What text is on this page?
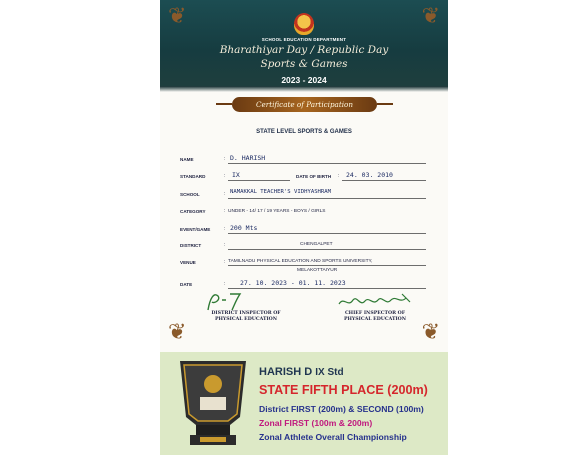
❦	❦
❦	❦
SCHOOL EDUCATION DEPARTMENT
Bharathiyar Day / Republic Day
Sports & Games
2023 - 2024
Certificate of Participation
STATE LEVEL SPORTS & GAMES
NAME	: D. HARISH
STANDARD	: IX	DATE OF BIRTH : 24. 03. 2010
SCHOOL	: NAMAKKAL TEACHER'S VIDHYASHRAM
CATEGORY	: UNDER - 14/ 17 / 19 YEARS - BOYS / GIRLS
EVENT/GAME	: 200 Mts
DISTRICT	:	CHENGALPET
VENUE	: TAMILNADU PHYSICAL EDUCATION AND SPORTS UNIVERSITY,
MELAKOTTAIYUR
DATE	: 27. 10. 2023 - 01. 11. 2023
DISTRICT INSPECTOR OF
PHYSICAL EDUCATION
CHIEF INSPECTOR OF
PHYSICAL EDUCATION
HARISH D IX Std
STATE FIFTH PLACE (200m)
District FIRST (200m) & SECOND (100m)
Zonal FIRST (100m & 200m)
Zonal Athlete Overall Championship
